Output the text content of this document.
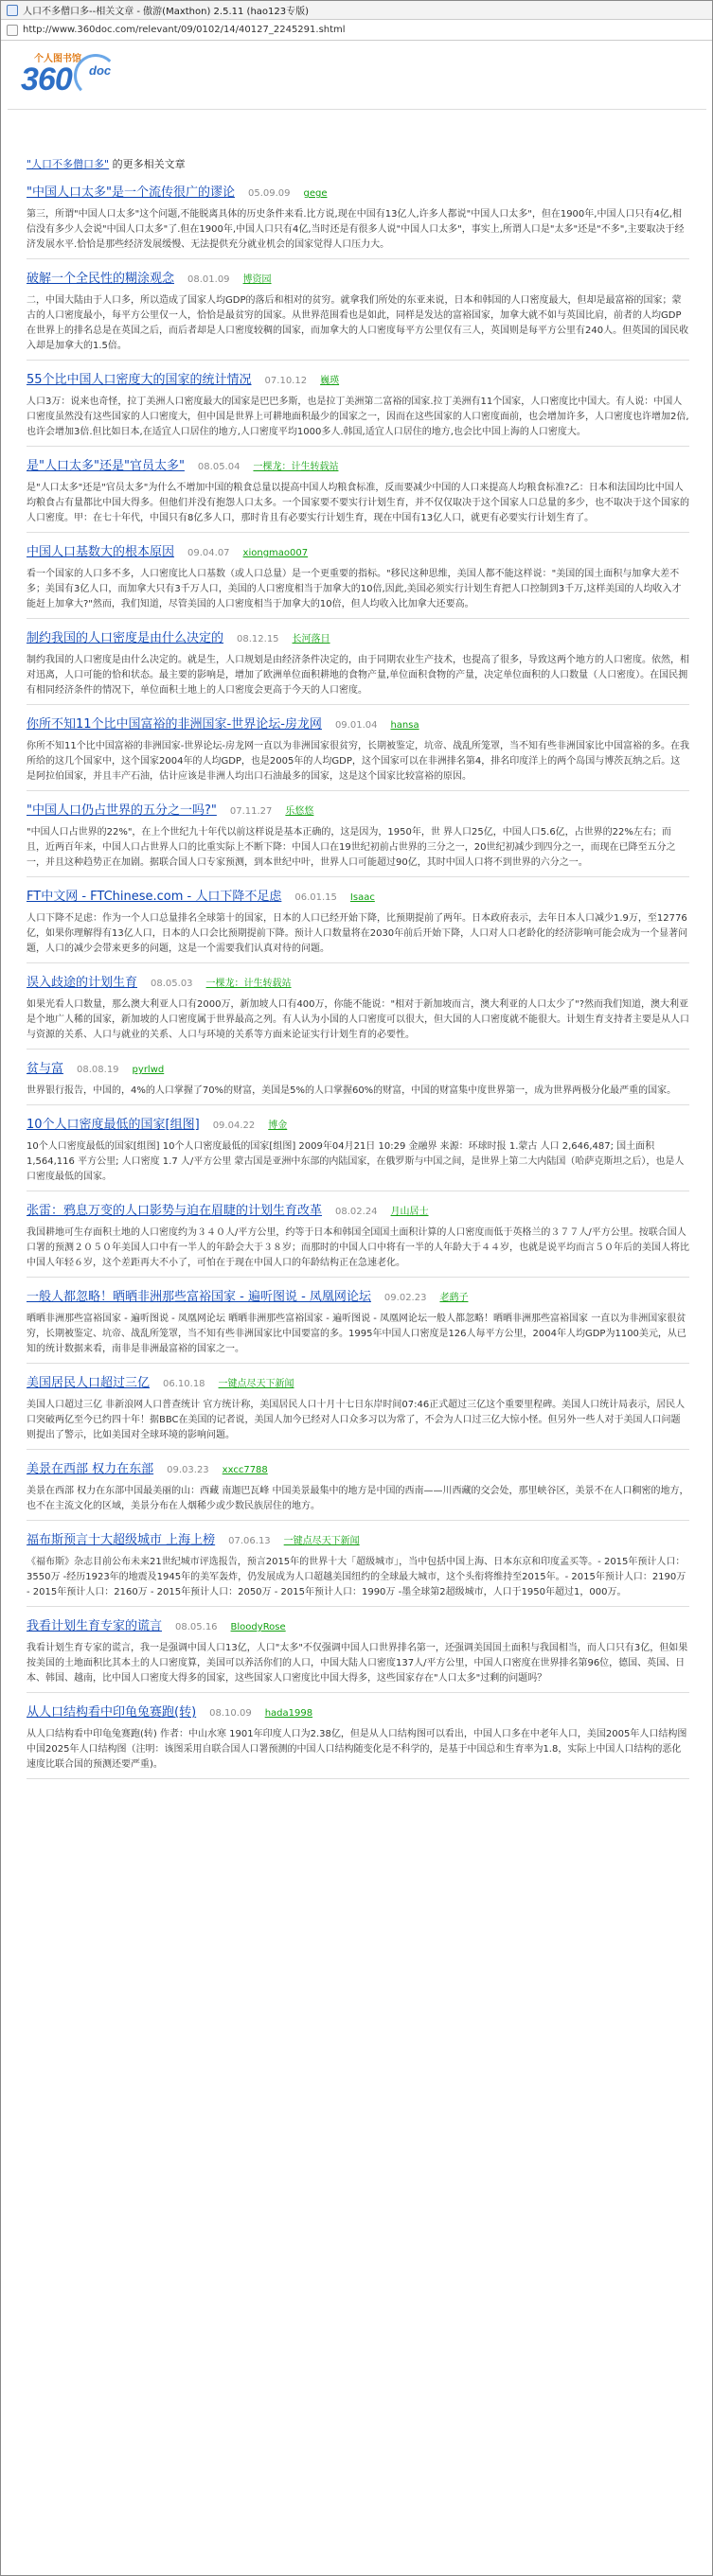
人口不多僧口多--相关文章 - 傲游(Maxthon) 2.5.11 (hao123专版)
http://www.360doc.com/relevant/09/0102/14/40127_2245291.shtml
个人图书馆
360 doc
"人口不多僧口多" 的更多相关文章
"中国人口太多"是一个流传很广的谬论 05.09.09 gege
第三，所谓"中国人口太多"这个问题,不能脱离具体的历史条件来看.比方说,现在中国有13亿人,许多人都说"中国人口太多"，但在1900年,中国人口只有4亿,相信没有多少人会说"中国人口太多"了.但在1900年,中国人口只有4亿,当时还是有很多人说"中国人口太多"，事实上,所谓人口是"太多"还是"不多",主要取决于经济发展水平.恰恰是那些经济发展缓慢、无法提供充分就业机会的国家觉得人口压力大。
破解一个全民性的糊涂观念 08.01.09 博资园
二，中国大陆由于人口多，所以造成了国家人均GDP的落后和相对的贫穷。就拿我们所处的东亚来说，日本和韩国的人口密度最大，但却是最富裕的国家；蒙古的人口密度最小，每平方公里仅一人，恰恰是最贫穷的国家。从世界范围看也是如此，同样是发达的富裕国家，加拿大就不如与英国比肩，前者的人均GDP在世界上的排名总是在英国之后，而后者却是人口密度较稠的国家，而加拿大的人口密度每平方公里仅有三人，英国则是每平方公里有240人。但英国的国民收入却是加拿大的1.5倍。
55个比中国人口密度大的国家的统计情况 07.10.12 巍瑛
人口3万：说来也奇怪，拉丁美洲人口密度最大的国家是巴巴多斯，也是拉丁美洲第二富裕的国家.拉丁美洲有11个国家，人口密度比中国大。有人说：中国人口密度虽然没有这些国家的人口密度大，但中国是世界上可耕地面积最少的国家之一，因而在这些国家的人口密度面前，也会增加许多，人口密度也许增加2倍,也许会增加3倍.但比如日本,在适宜人口居住的地方,人口密度平均1000多人.韩国,适宜人口居住的地方,也会比中国上海的人口密度大。
是"人口太多"还是"官员太多" 08.05.04 一棵龙：计生转载站
是"人口太多"还是"官员太多"为什么不增加中国的粮食总量以提高中国人均粮食标准，反而要减少中国的人口来提高人均粮食标准?乙：日本和法国均比中国人均粮食占有量都比中国大得多。但他们并没有抱怨人口太多。一个国家要不要实行计划生育，并不仅仅取决于这个国家人口总量的多少，也不取决于这个国家的人口密度。甲：在七十年代，中国只有8亿多人口，那时肯且有必要实行计划生育，现在中国有13亿人口，就更有必要实行计划生育了。
中国人口基数大的根本原因 09.04.07 xiongmao007
看一个国家的人口多不多，人口密度比人口基数（或人口总量）是一个更重要的指标。"移民这种思维，美国人都不能这样说："美国的国土面积与加拿大差不多；美国有3亿人口，而加拿大只有3千万人口，美国的人口密度相当于加拿大的10倍,因此,美国必须实行计划生育把人口控制到3千万,这样美国的人均收入才能赶上加拿大?"然而，我们知道，尽管美国的人口密度相当于加拿大的10倍，但人均收入比加拿大还要高。
制约我国的人口密度是由什么决定的 08.12.15 长河落日
制约我国的人口密度是由什么决定的。就是生，人口规划是由经济条件决定的，由于同期农业生产技术，也提高了很多，导致这两个地方的人口密度。依然，相对迅离，人口可能的恰和状态。最主要的影响是，增加了欧洲单位面积耕地的食物产量,单位面积食物的产量，决定单位面积的人口数量（人口密度）。在国民拥有相同经济条件的情况下，单位面积土地上的人口密度会更高于今天的人口密度。
你所不知11个比中国富裕的非洲国家-世界论坛-房龙网 09.01.04 hansa
你所不知11个比中国富裕的非洲国家-世界论坛-房龙网一直以为非洲国家很贫穷，长期被鉴定，坑帝、战乱所笼罩，当不知有些非洲国家比中国富裕的多。在我所给的这几个国家中，这个国家2004年的人均GDP，也是2005年的人均GDP，这个国家可以在非洲排名第4，排名印度洋上的两个岛国与博茨瓦纳之后。这是阿拉伯国家，并且丰产石油，估计应该是非洲人均出口石油最多的国家，这是这个国家比较富裕的原因。
"中国人口仍占世界的五分之一吗?" 07.11.27 乐悠悠
"中国人口占世界的22%"，在上个世纪九十年代以前这样说是基本正确的，这是因为，1950年，世 界人口25亿，中国人口5.6亿，占世界的22%左右；而且，近两百年来，中国人口占世界人口的比重实际上不断下降：中国人口在19世纪初前占世界的三分之一，20世纪初减少到四分之一，而现在已降至五分之一，并且这种趋势正在加剧。据联合国人口专家预测，到本世纪中叶，世界人口可能超过90亿，其时中国人口将不到世界的六分之一。
FT中文网 - FTChinese.com - 人口下降不足虑 06.01.15 Isaac
人口下降不足虑：作为一个人口总量排名全球第十的国家，日本的人口已经开始下降，比预期提前了两年。日本政府表示，去年日本人口减少1.9万，至12776亿，如果你理解得有13亿人口，日本的人口会比预期提前下降。预计人口数量将在2030年前后开始下降，人口对人口老龄化的经济影响可能会成为一个显著问题，人口的减少会带来更多的问题，这是一个需要我们认真对待的问题。
误入歧途的计划生育 08.05.03 一棵龙：计生转载站
如果光看人口数量，那么澳大利亚人口有2000万，新加坡人口有400万，你能不能说："相对于新加坡而言，澳大利亚的人口太少了"?然而我们知道，澳大利亚是个地广人稀的国家，新加坡的人口密度属于世界最高之列。有人认为小国的人口密度可以很大，但大国的人口密度就不能很大。计划生育支持者主要是从人口与资源的关系、人口与就业的关系、人口与环境的关系等方面来论证实行计划生育的必要性。
贫与富 08.08.19 pyrlwd
世界银行报告，中国的，4%的人口掌握了70%的财富，美国是5%的人口掌握60%的财富，中国的财富集中度世界第一，成为世界两极分化最严重的国家。
10个人口密度最低的国家[组图] 09.04.22 博金
10个人口密度最低的国家[组图] 10个人口密度最低的国家[组图] 2009年04月21日 10:29 金融界 来源：环球时报 1.蒙古 人口 2,646,487; 国土面积 1,564,116 平方公里; 人口密度 1.7 人/平方公里 蒙古国是亚洲中东部的内陆国家，在俄罗斯与中国之间，是世界上第二大内陆国（哈萨克斯坦之后），也是人口密度最低的国家。
张雷：鸦息万变的人口影势与迫在眉睫的计划生育改革 08.02.24 月山居士
我国耕地可生存面积土地的人口密度约为３４０人/平方公里，约等于日本和韩国全国国土面积计算的人口密度而低于英格兰的３７７人/平方公里。按联合国人口署的预测２０５０年美国人口中有一半人的年龄会大于３８岁；而那时的中国人口中将有一半的人年龄大于４４岁，也就是说平均而言５０年后的美国人将比中国人年轻６岁，这个差距再大不小了，可怕在于现在中国人口的年龄结构正在急速老化。
一般人都忽略！晒晒非洲那些富裕国家 - 遍听图说 - 凤凰网论坛 09.02.23 老鹞子
晒晒非洲那些富裕国家 - 遍听图说 - 凤凰网论坛 晒晒非洲那些富裕国家 - 遍听图说 - 凤凰网论坛一般人都忽略！晒晒非洲那些富裕国家 一直以为非洲国家很贫穷，长期被鉴定、坑帝、战乱所笼罩，当不知有些非洲国家比中国要富的多。1995年中国人口密度是126人每平方公里，2004年人均GDP为1100美元，从已知的统计数据来看，南非是非洲最富裕的国家之一。
美国居民人口超过三亿 06.10.18 一键点尽天下新闻
美国人口超过三亿 非新浪网人口普查统计 官方统计称，美国居民人口十月十七日东岸时间07:46正式超过三亿这个重要里程碑。美国人口统计局表示，居民人口突破两亿至今已约四十年！据BBC在美国的记者说，美国人加今已经对人口众多习以为常了，不会为人口过三亿大惊小怪。但另外一些人对于美国人口问题则提出了警示，比如美国对全球环境的影响问题。
美景在西部 权力在东部 09.03.23 xxcc7788
美景在西部 权力在东部中国最美丽的山：西藏 南迦巴瓦峰 中国美景最集中的地方是中国的西南——川西藏的交会处，那里峡谷区，美景不在人口稠密的地方，也不在主流文化的区域，美景分布在人烟稀少或少数民族居住的地方。
福布斯预言十大超级城市 上海上榜 07.06.13 一键点尽天下新闻
《福布斯》杂志目前公布未来21世纪城市评选报告，预言2015年的世界十大「超级城市」，当中包括中国上海、日本东京和印度孟买等。- 2015年预计人口：3550万 -经历1923年的地震及1945年的美军轰炸，仍发展成为人口超越美国纽约的全球最大城市，这个头衔将维持至2015年。- 2015年预计人口：2190万 - 2015年预计人口：2160万 - 2015年预计人口：2050万 - 2015年预计人口：1990万 -墨全球第2超级城市，人口于1950年超过1，000万。
我看计划生育专家的谎言 08.05.16 BloodyRose
我看计划生育专家的谎言，我一是强调中国人口13亿，人口"太多"不仅强调中国人口世界排名第一，还强调美国国土面积与我国相当，而人口只有3亿，但如果按美国的土地面积比其本土的人口密度算，美国可以养活你们的人口，中国大陆人口密度137人/平方公里，中国人口密度在世界排名第96位，德国、英国、日本、韩国、越南，比中国人口密度大得多的国家，这些国家人口密度比中国大得多，这些国家存在"人口太多"过剩的问题吗？
从人口结构看中印龟兔赛跑(转) 08.10.09 hada1998
从人口结构看中印龟兔赛跑(转) 作者：中山水寒 1901年印度人口为2.38亿，但是从人口结构图可以看出，中国人口多在中老年人口，美国2005年人口结构图 中国2025年人口结构图（注明：该图采用自联合国人口署预测的中国人口结构随变化是不科学的，是基于中国总和生育率为1.8，实际上中国人口结构的恶化速度比联合国的预测还要严重)。
